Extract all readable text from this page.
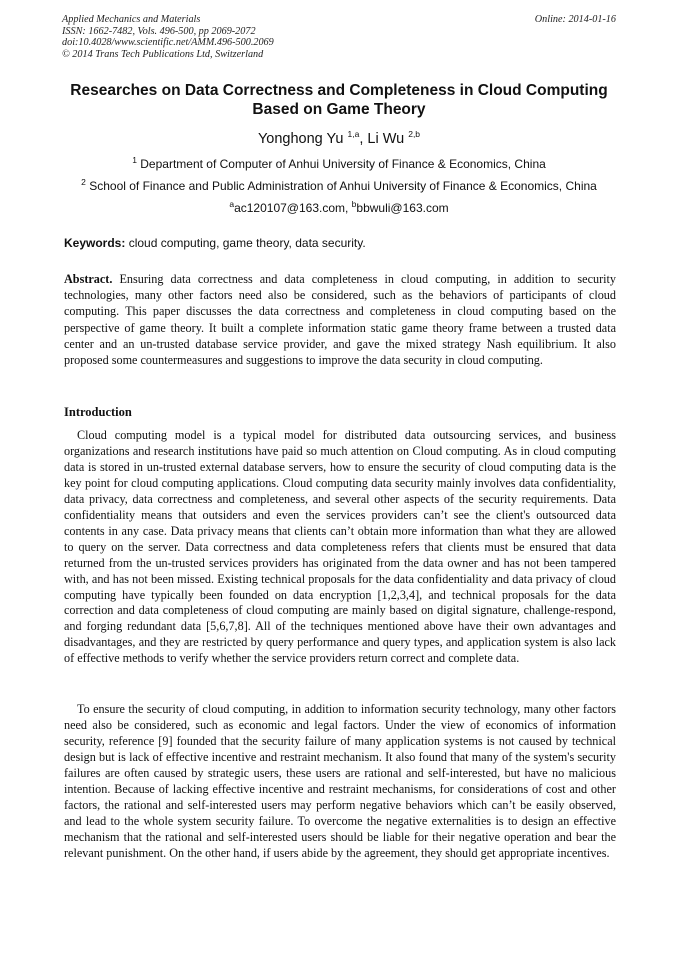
Applied Mechanics and Materials
ISSN: 1662-7482, Vols. 496-500, pp 2069-2072
doi:10.4028/www.scientific.net/AMM.496-500.2069
© 2014 Trans Tech Publications Ltd, Switzerland
Online: 2014-01-16
Researches on Data Correctness and Completeness in Cloud Computing
Based on Game Theory
Yonghong Yu $^{1,a}$, Li Wu $^{2,b}$
$^1$ Department of Computer of Anhui University of Finance & Economics, China
$^2$ School of Finance and Public Administration of Anhui University of Finance & Economics, China
$^a$ac120107@163.com, $^b$bbwuli@163.com
Keywords: cloud computing, game theory, data security.
Abstract. Ensuring data correctness and data completeness in cloud computing, in addition to security technologies, many other factors need also be considered, such as the behaviors of participants of cloud computing. This paper discusses the data correctness and completeness in cloud computing based on the perspective of game theory. It built a complete information static game theory frame between a trusted data center and an un-trusted database service provider, and gave the mixed strategy Nash equilibrium. It also proposed some countermeasures and suggestions to improve the data security in cloud computing.
Introduction

Cloud computing model is a typical model for distributed data outsourcing services, and business organizations and research institutions have paid so much attention on Cloud computing. As in cloud computing data is stored in un-trusted external database servers, how to ensure the security of cloud computing data is the key point for cloud computing applications. Cloud computing data security mainly involves data confidentiality, data privacy, data correctness and completeness, and several other aspects of the security requirements. Data confidentiality means that outsiders and even the services providers can’t see the client's outsourced data contents in any case. Data privacy means that clients can’t obtain more information than what they are allowed to query on the server. Data correctness and data completeness refers that clients must be ensured that data returned from the un-trusted services providers has originated from the data owner and has not been tampered with, and has not been missed. Existing technical proposals for the data confidentiality and data privacy of cloud computing have typically been founded on data encryption [1,2,3,4], and technical proposals for the data correction and data completeness of cloud computing are mainly based on digital signature, challenge-respond, and forging redundant data [5,6,7,8]. All of the techniques mentioned above have their own advantages and disadvantages, and they are restricted by query performance and query types, and application system is also lack of effective methods to verify whether the service providers return correct and complete data.

To ensure the security of cloud computing, in addition to information security technology, many other factors need also be considered, such as economic and legal factors. Under the view of economics of information security, reference [9] founded that the security failure of many application systems is not caused by technical design but is lack of effective incentive and restraint mechanism. It also found that many of the system's security failures are often caused by strategic users, these users are rational and self-interested, but have no malicious intention. Because of lacking effective incentive and restraint mechanisms, for considerations of cost and other factors, the rational and self-interested users may perform negative behaviors which can’t be easily observed, and lead to the whole system security failure. To overcome the negative externalities is to design an effective mechanism that the rational and self-interested users should be liable for their negative operation and bear the relevant punishment. On the other hand, if users abide by the agreement, they should get appropriate incentives.
